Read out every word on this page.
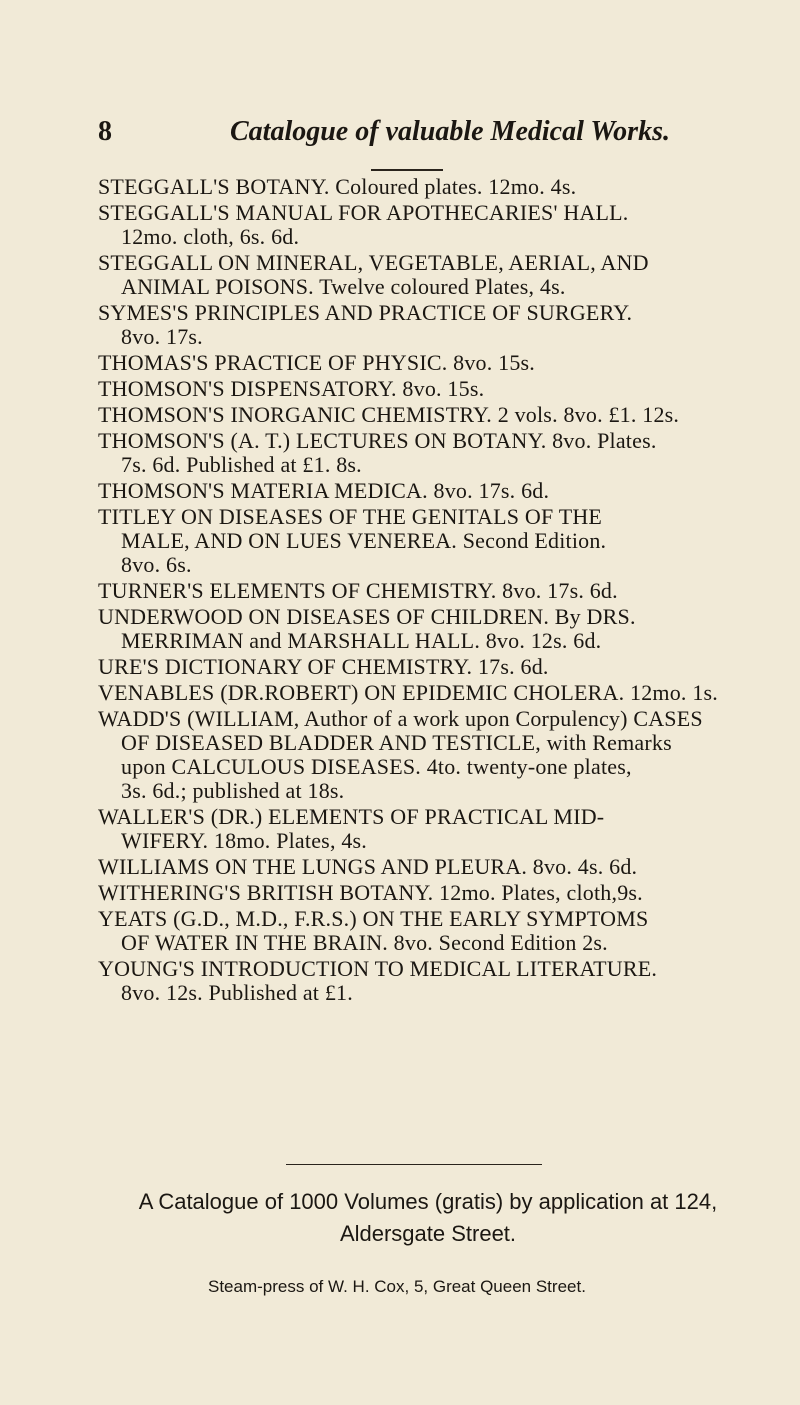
8	Catalogue of valuable Medical Works.
STEGGALL'S BOTANY. Coloured plates. 12mo. 4s.
STEGGALL'S MANUAL FOR APOTHECARIES' HALL.
12mo. cloth, 6s. 6d.
STEGGALL ON MINERAL, VEGETABLE, AERIAL, AND
ANIMAL POISONS. Twelve coloured Plates, 4s.
SYMES'S PRINCIPLES AND PRACTICE OF SURGERY.
8vo. 17s.
THOMAS'S PRACTICE OF PHYSIC. 8vo. 15s.
THOMSON'S DISPENSATORY. 8vo. 15s.
THOMSON'S INORGANIC CHEMISTRY. 2 vols. 8vo. £1. 12s.
THOMSON'S (A. T.) LECTURES ON BOTANY. 8vo. Plates.
7s. 6d. Published at £1. 8s.
THOMSON'S MATERIA MEDICA. 8vo. 17s. 6d.
TITLEY ON DISEASES OF THE GENITALS OF THE
MALE, AND ON LUES VENEREA. Second Edition.
8vo. 6s.
TURNER'S ELEMENTS OF CHEMISTRY. 8vo. 17s. 6d.
UNDERWOOD ON DISEASES OF CHILDREN. By DRS.
MERRIMAN and MARSHALL HALL. 8vo. 12s. 6d.
URE'S DICTIONARY OF CHEMISTRY. 17s. 6d.
VENABLES (DR.ROBERT) ON EPIDEMIC CHOLERA. 12mo. 1s.
WADD'S (WILLIAM, Author of a work upon Corpulency) CASES
OF DISEASED BLADDER AND TESTICLE, with Remarks
upon CALCULOUS DISEASES. 4to. twenty-one plates,
3s. 6d.; published at 18s.
WALLER'S (DR.) ELEMENTS OF PRACTICAL MID-
WIFERY. 18mo. Plates, 4s.
WILLIAMS ON THE LUNGS AND PLEURA. 8vo. 4s. 6d.
WITHERING'S BRITISH BOTANY. 12mo. Plates, cloth,9s.
YEATS (G.D., M.D., F.R.S.) ON THE EARLY SYMPTOMS
OF WATER IN THE BRAIN. 8vo. Second Edition 2s.
YOUNG'S INTRODUCTION TO MEDICAL LITERATURE.
8vo. 12s. Published at £1.
A Catalogue of 1000 Volumes (gratis) by application at 124,
Aldersgate Street.
Steam-press of W. H. Cox, 5, Great Queen Street.
